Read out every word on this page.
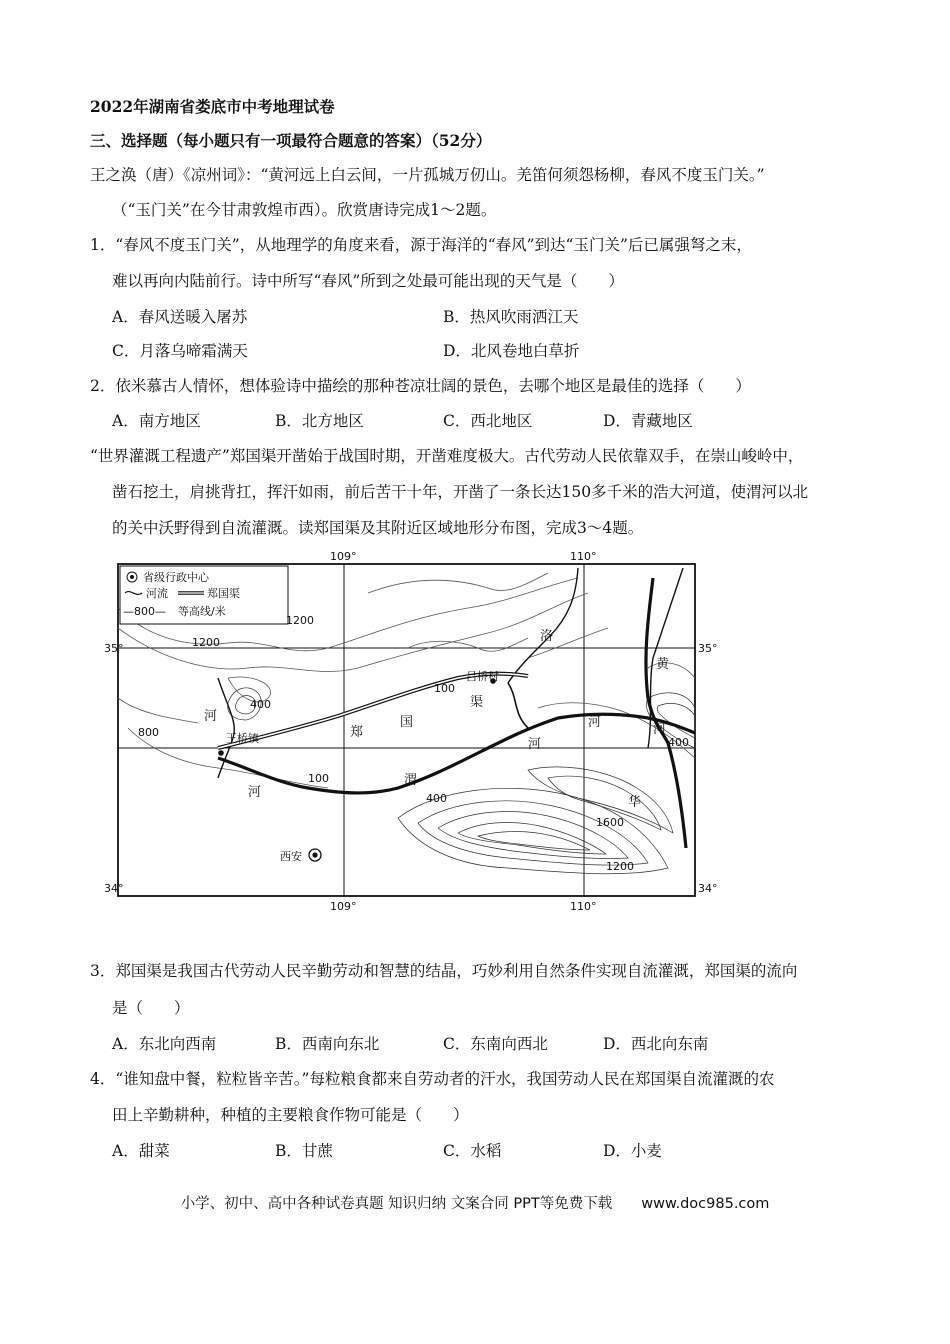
2022年湖南省娄底市中考地理试卷
三、选择题（每小题只有一项最符合题意的答案）（52分）
王之涣（唐）《凉州词》：“黄河远上白云间，一片孤城万仞山。羌笛何须怨杨柳，春风不度玉门关。”
（“玉门关”在今甘肃敦煌市西）。欣赏唐诗完成1～2题。
1．“春风不度玉门关”，从地理学的角度来看，源于海洋的“春风”到达“玉门关”后已属强弩之末，
难以再向内陆前行。诗中所写“春风”所到之处最可能出现的天气是（　　）
A．春风送暖入屠苏	B．热风吹雨洒江天
C．月落乌啼霜满天	D．北风卷地白草折
2．依米慕古人情怀，想体验诗中描绘的那种苍凉壮阔的景色，去哪个地区是最佳的选择（　　）
A．南方地区	B．北方地区	C．西北地区	D．青藏地区
“世界灌溉工程遗产”郑国渠开凿始于战国时期，开凿难度极大。古代劳动人民依靠双手，在崇山峻岭中，
凿石挖土，肩挑背扛，挥汗如雨，前后苦干十年，开凿了一条长达150多千米的浩大河道，使渭河以北
的关中沃野得到自流灌溉。读郑国渠及其附近区域地形分布图，完成3～4题。
省级行政中心
河流	郑国渠
—800— 等高线/米
109°	110°
109°	110°
35°	35°
34°	34°
吕桥村
王桥镇
西安
洛
河
郑
国
渠
河
渭
河
黄
河
河
华
1200
1200
100
800
400
100
400
1600
1200
400
3．郑国渠是我国古代劳动人民辛勤劳动和智慧的结晶，巧妙利用自然条件实现自流灌溉，郑国渠的流向
是（　　）
A．东北向西南	B．西南向东北	C．东南向西北	D．西北向东南
4．“谁知盘中餐，粒粒皆辛苦。”每粒粮食都来自劳动者的汗水，我国劳动人民在郑国渠自流灌溉的农
田上辛勤耕种，种植的主要粮食作物可能是（　　）
A．甜菜	B．甘蔗	C．水稻	D．小麦
小学、初中、高中各种试卷真题 知识归纳 文案合同 PPT等免费下载　　www.doc985.com
